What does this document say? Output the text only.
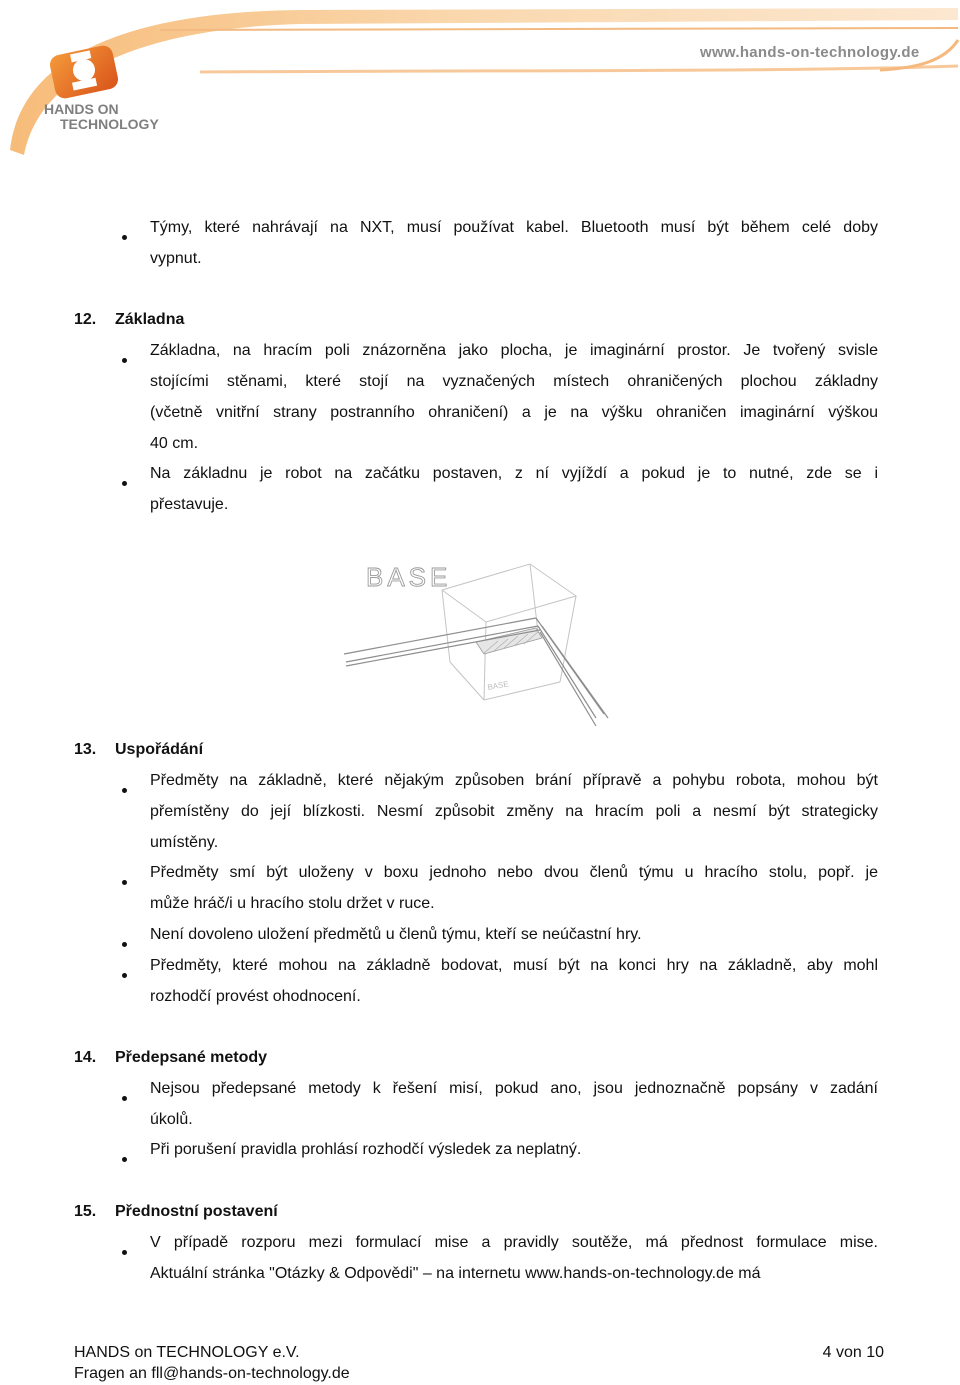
www.hands-on-technology.de
HANDS ON
TECHNOLOGY
Týmy, které nahrávají na NXT, musí používat kabel. Bluetooth musí být během celé doby
vypnut.
12. Základna
Základna, na hracím poli znázorněna jako plocha, je imaginární prostor. Je tvořený svisle
stojícími stěnami, které stojí na vyznačených místech ohraničených plochou základny
(včetně vnitřní strany postranního ohraničení) a je na výšku ohraničen imaginární výškou
40 cm.
Na základnu je robot na začátku postaven, z ní vyjíždí a pokud je to nutné, zde se i
přestavuje.
13. Uspořádání
Předměty na základně, které nějakým způsoben brání přípravě a pohybu robota, mohou být
přemístěny do její blízkosti. Nesmí způsobit změny na hracím poli a nesmí být strategicky
umístěny.
Předměty smí být uloženy v boxu jednoho nebo dvou členů týmu u hracího stolu, popř. je
může hráč/i u hracího stolu držet v ruce.
Není dovoleno uložení předmětů u členů týmu, kteří se neúčastní hry.
Předměty, které mohou na základně bodovat, musí být na konci hry na základně, aby mohl
rozhodčí provést ohodnocení.
14. Předepsané metody
Nejsou předepsané metody k řešení misí, pokud ano, jsou jednoznačně popsány v zadání
úkolů.
Při porušení pravidla prohlásí rozhodčí výsledek za neplatný.
15. Přednostní postavení
V případě rozporu mezi formulací mise a pravidly soutěže, má přednost formulace mise.
Aktuální stránka "Otázky & Odpovědi" – na internetu www.hands-on-technology.de má
BASE
BASE
HANDS on TECHNOLOGY e.V.	4 von 10
Fragen an fll@hands-on-technology.de
